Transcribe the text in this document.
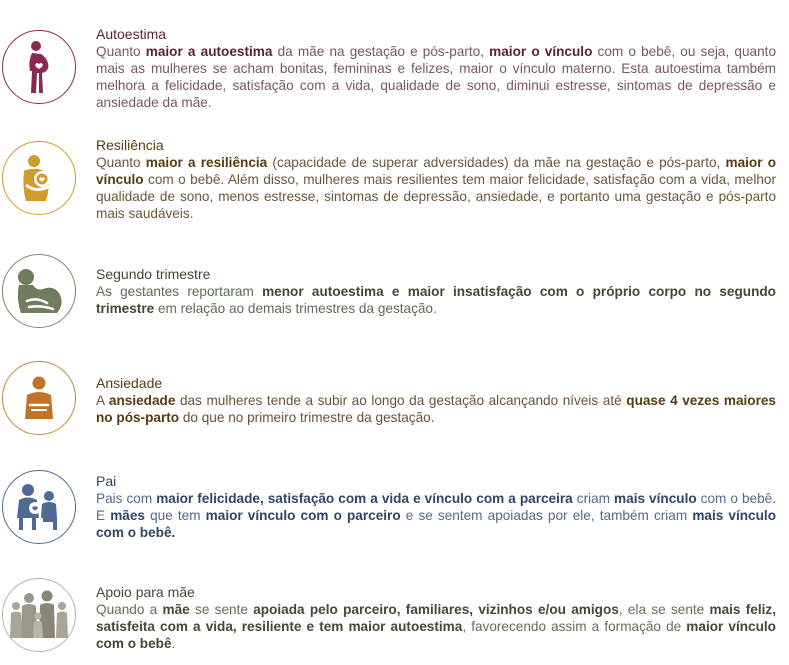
Autoestima

Quanto maior a autoestima da mãe na gestação e pós-parto, maior o vínculo com o bebê, ou seja, quanto mais as mulheres se acham bonitas, femininas e felizes, maior o vínculo materno. Esta autoestima também melhora a felicidade, satisfação com a vida, qualidade de sono, diminui estresse, sintomas de depressão e ansiedade da mãe.

Resiliência

Quanto maior a resiliência (capacidade de superar adversidades) da mãe na gestação e pós-parto, maior o vínculo com o bebê. Além disso, mulheres mais resilientes tem maior felicidade, satisfação com a vida, melhor qualidade de sono, menos estresse, sintomas de depressão, ansiedade, e portanto uma gestação e pós-parto mais saudáveis.

Segundo trimestre

As gestantes reportaram menor autoestima e maior insatisfação com o próprio corpo no segundo trimestre em relação ao demais trimestres da gestação.

Ansiedade

A ansiedade das mulheres tende a subir ao longo da gestação alcançando níveis até quase 4 vezes maiores no pós-parto do que no primeiro trimestre da gestação.

Pai

Pais com maior felicidade, satisfação com a vida e vínculo com a parceira criam mais vínculo com o bebê. E mães que tem maior vínculo com o parceiro e se sentem apoiadas por ele, também criam mais vínculo com o bebê.

Apoio para mãe

Quando a mãe se sente apoiada pelo parceiro, familiares, vizinhos e/ou amigos, ela se sente mais feliz, satisfeita com a vida, resiliente e tem maior autoestima, favorecendo assim a formação de maior vínculo com o bebê.
